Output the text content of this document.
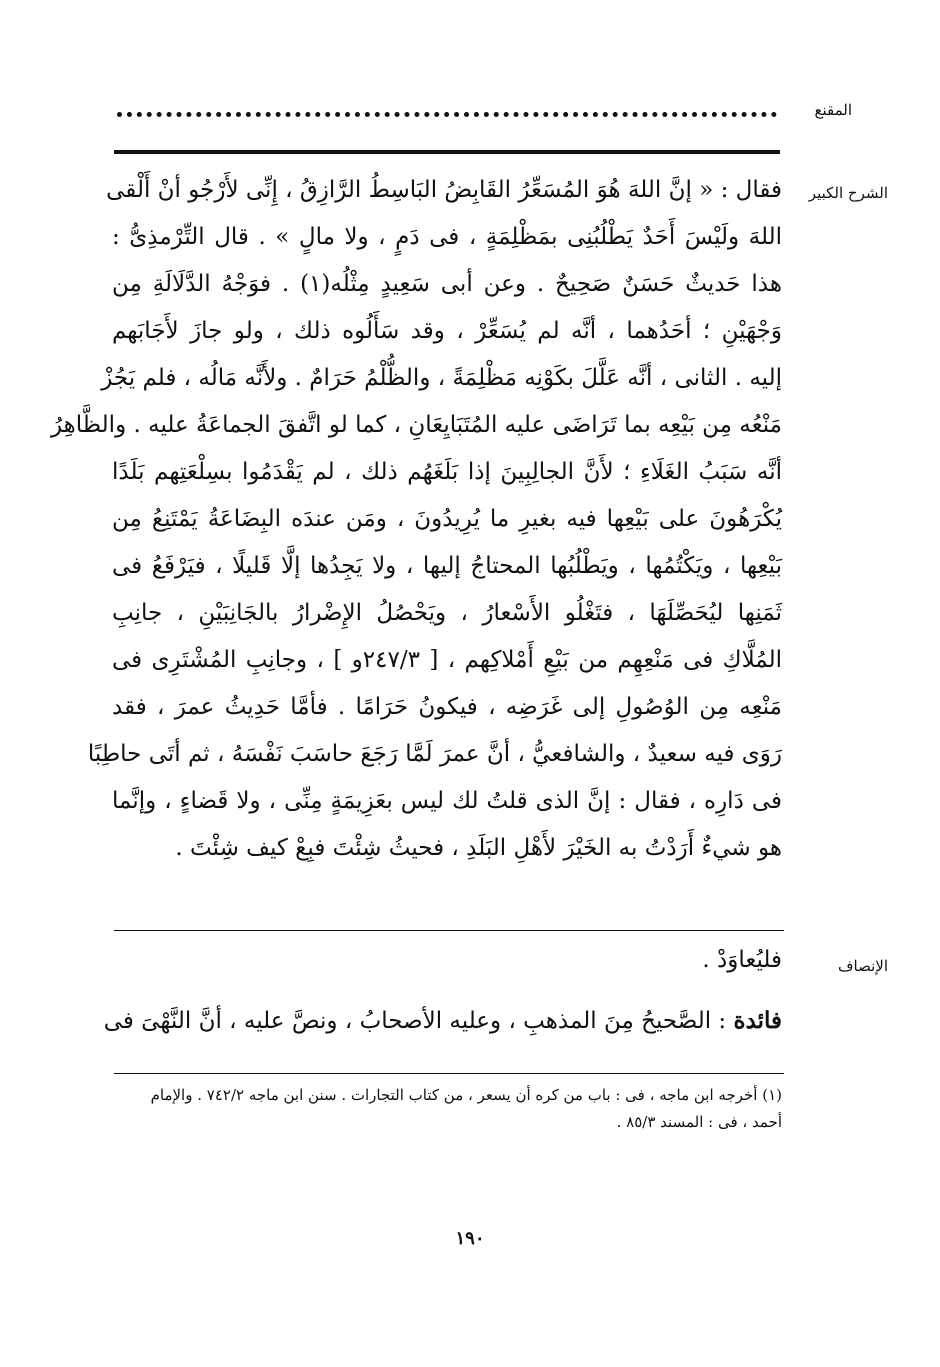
المقنع
الشرح الكبير
فقال : « إنَّ اللهَ هُوَ المُسَعِّرُ القَابِضُ البَاسِطُ الرَّازِقُ ، إِنِّى لأَرْجُو أنْ أَلْقى
اللهَ ولَيْسَ أَحَدٌ يَطْلُبُنِى بمَظْلِمَةٍ ، فى دَمٍ ، ولا مالٍ » . قال التِّرْمذِىُّ :
هذا حَديثٌ حَسَنٌ صَحِيحٌ . وعن أبى سَعِيدٍ مِثْلُه(١) . فوَجْهُ الدَّلَالَةِ مِن
وَجْهَيْنِ ؛ أحَدُهما ، أنَّه لم يُسَعِّرْ ، وقد سَأَلُوه ذلك ، ولو جازَ لأَجَابَهم
إليه . الثانى ، أنَّه عَلَّلَ بكَوْنِه مَظْلِمَةً ، والظُّلْمُ حَرَامٌ . ولأَنَّه مَالُه ، فلم يَجُزْ
مَنْعُه مِن بَيْعِه بما تَرَاضَى عليه المُتَبَايِعَانِ ، كما لو اتَّفقَ الجماعَةُ عليه . والظَّاهِرُ
أنَّه سَبَبُ الغَلَاءِ ؛ لأَنَّ الجالِبِينَ إذا بَلَغَهُم ذلك ، لم يَقْدَمُوا بسِلْعَتِهم بَلَدًا
يُكْرَهُونَ على بَيْعِها فيه بغيرِ ما يُرِيدُونَ ، ومَن عندَه البِضَاعَةُ يَمْتَنِعُ مِن
بَيْعِها ، ويَكْتُمُها ، ويَطْلُبُها المحتاجُ إليها ، ولا يَجِدُها إلَّا قَليلًا ، فيَرْفَعُ فى
ثَمَنِها ليُحَصِّلَهَا ، فتَغْلُو الأَسْعارُ ، ويَحْصُلُ الإِضْرارُ بالجَانِبَيْنِ ، جانِبِ
المُلَّاكِ فى مَنْعِهِم من بَيْعِ أَمْلاكِهم ، [ ٢٤٧/٣و ] ، وجانِبِ المُشْتَرِى فى
مَنْعِه مِن الوُصُولِ إلى غَرَضِه ، فيكونُ حَرَامًا . فأمَّا حَدِيثُ عمرَ ، فقد
رَوَى فيه سعيدٌ ، والشافعيُّ ، أنَّ عمرَ لَمَّا رَجَعَ حاسَبَ نَفْسَهُ ، ثم أتَى حاطِبًا
فى دَارِه ، فقال : إنَّ الذى قلتُ لك ليس بعَزِيمَةٍ مِنِّى ، ولا قَضاءٍ ، وإنَّما
هو شيءٌ أَرَدْتُ به الخَيْرَ لأَهْلِ البَلَدِ ، فحيثُ شِئْتَ فبِعْ كيف شِئْتَ .
الإنصاف
فليُعاوَدْ .
فائدة : الصَّحيحُ مِنَ المذهبِ ، وعليه الأصحابُ ، ونصَّ عليه ، أنَّ النَّهْىَ فى
(١) أخرجه ابن ماجه ، فى : باب من كره أن يسعر ، من كتاب التجارات . سنن ابن ماجه ٧٤٢/٢ . والإمام
أحمد ، فى : المسند ٨٥/٣ .
١٩٠
